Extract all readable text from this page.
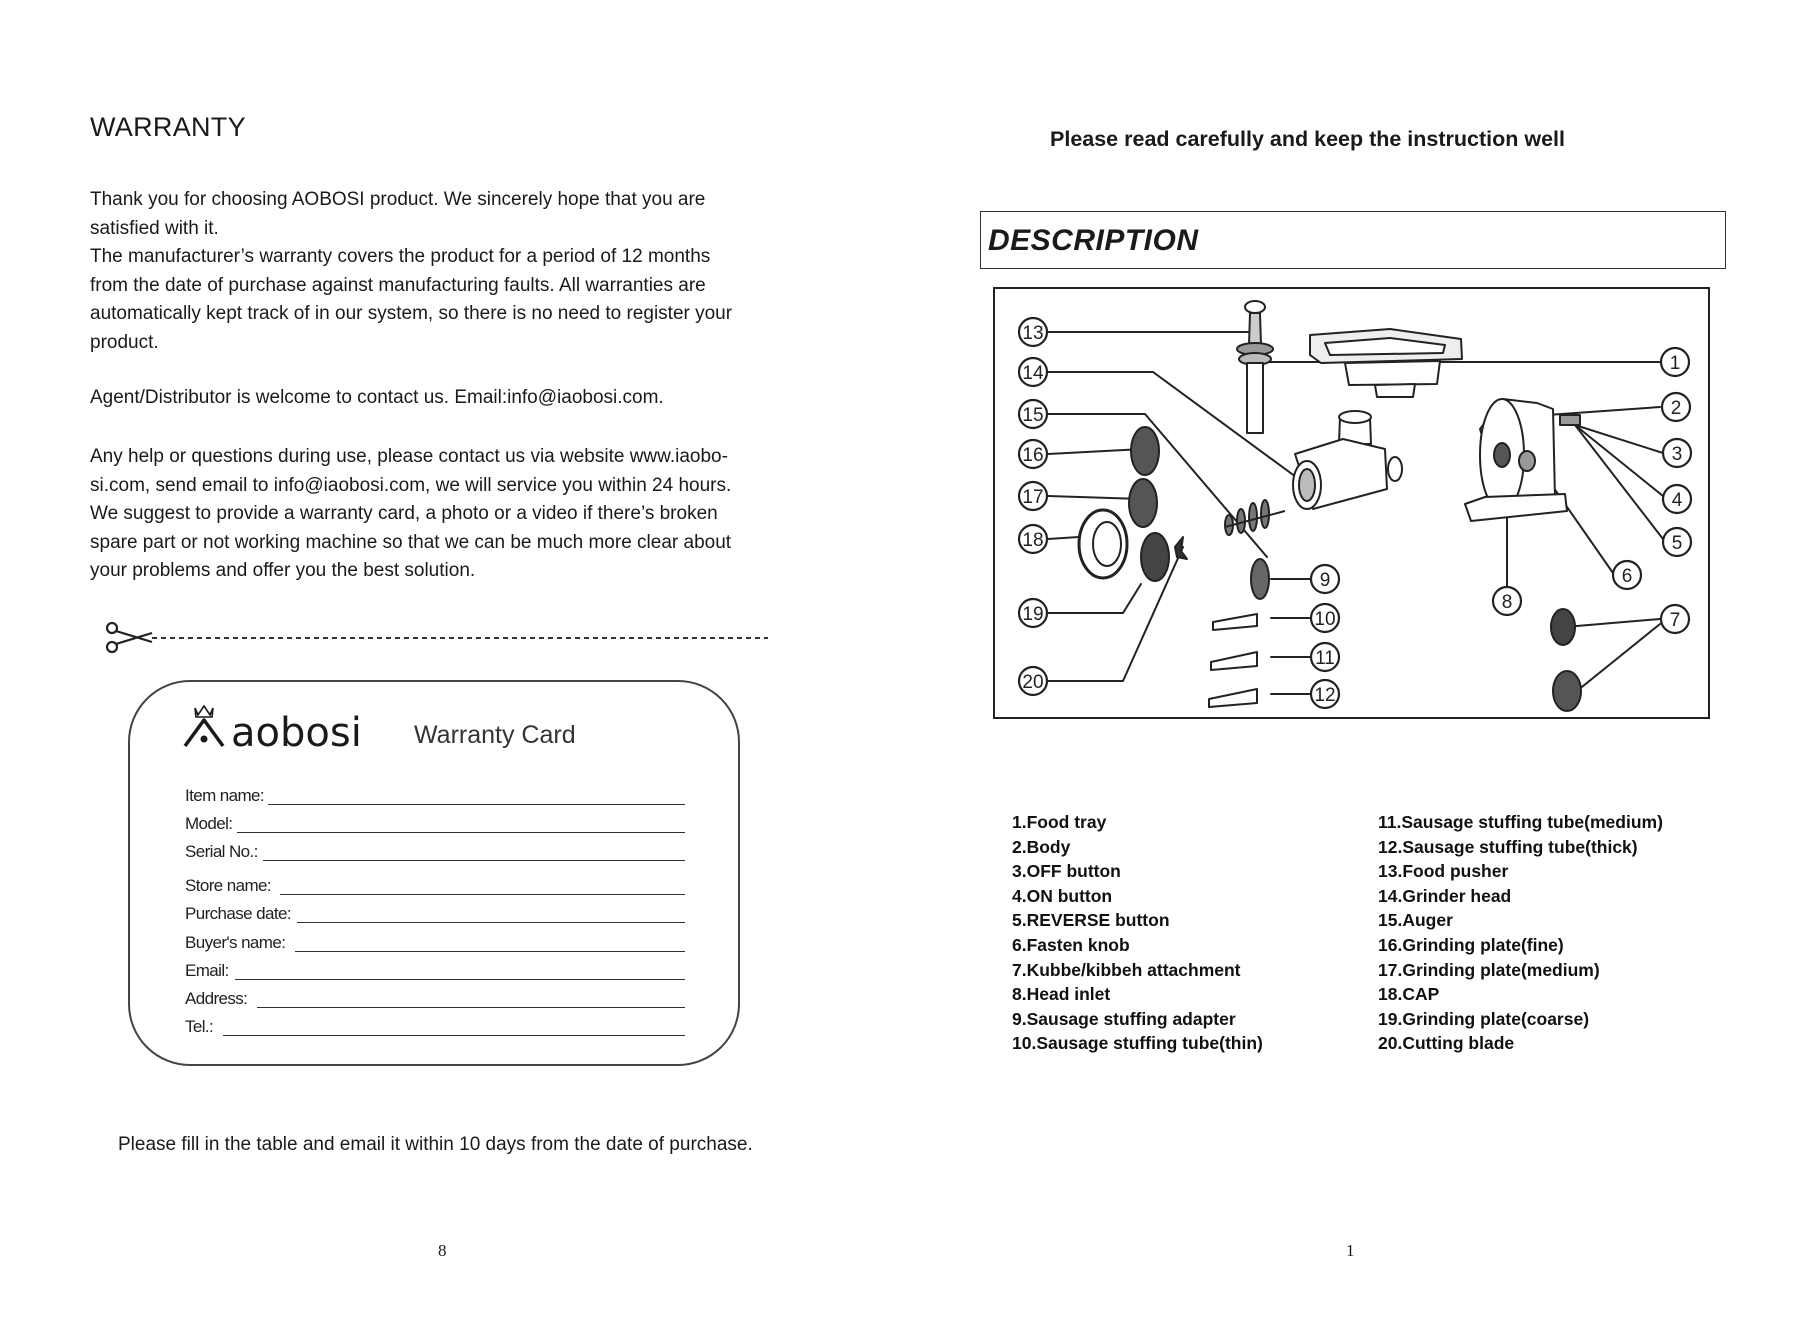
WARRANTY
Thank you for choosing AOBOSI product. We sincerely hope that you are
satisfied with it.
The manufacturer’s warranty covers the product for a period of 12 months
from the date of purchase against manufacturing faults. All warranties are
automatically kept track of in our system, so there is no need to register your
product.
Agent/Distributor is welcome to contact us. Email:info@iaobosi.com.
Any help or questions during use, please contact us via website www.iaobo-
si.com, send email to info@iaobosi.com, we will service you within 24 hours.
We suggest to provide a warranty card, a photo or a video if there’s broken
spare part or not working machine so that we can be much more clear about
your problems and offer you the best solution.
aobosi Warranty Card
Item name:
Model:
Serial No.:
Store name:
Purchase date:
Buyer's name:
Email:
Address:
Tel.:
Please fill in the table and email it within 10 days from the date of purchase.
8
Please read carefully and keep the instruction well
DESCRIPTION
13
14
15
16
17
18
19
20
1
2
3
4
5
6
7
8
9
10
11
12
1.Food tray
2.Body
3.OFF button
4.ON button
5.REVERSE button
6.Fasten knob
7.Kubbe/kibbeh attachment
8.Head inlet
9.Sausage stuffing adapter
10.Sausage stuffing tube(thin)
11.Sausage stuffing tube(medium)
12.Sausage stuffing tube(thick)
13.Food pusher
14.Grinder head
15.Auger
16.Grinding plate(fine)
17.Grinding plate(medium)
18.CAP
19.Grinding plate(coarse)
20.Cutting blade
1
